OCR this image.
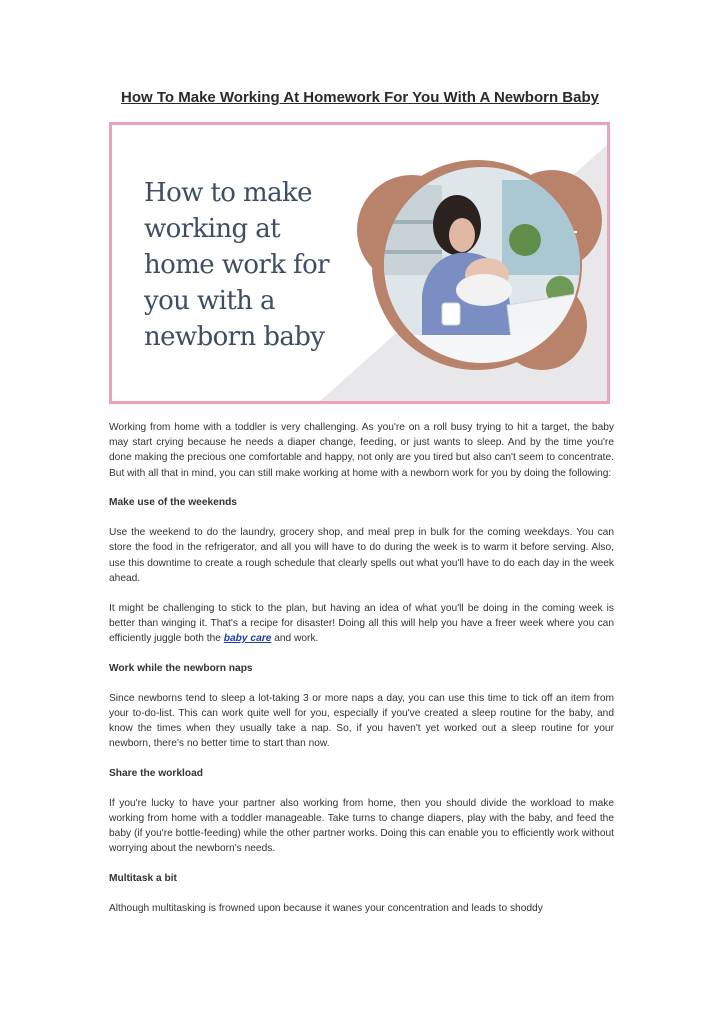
How To Make Working At Homework For You With A Newborn Baby
How to make
working at
home work for
you with a
newborn baby

Working from home with a toddler is very challenging. As you're on a roll busy trying to hit a target, the baby may start crying because he needs a diaper change, feeding, or just wants to sleep. And by the time you're done making the precious one comfortable and happy, not only are you tired but also can't seem to concentrate. But with all that in mind, you can still make working at home with a newborn work for you by doing the following:

Make use of the weekends

Use the weekend to do the laundry, grocery shop, and meal prep in bulk for the coming weekdays. You can store the food in the refrigerator, and all you will have to do during the week is to warm it before serving. Also, use this downtime to create a rough schedule that clearly spells out what you'll have to do each day in the week ahead.

It might be challenging to stick to the plan, but having an idea of what you'll be doing in the coming week is better than winging it. That's a recipe for disaster! Doing all this will help you have a freer week where you can efficiently juggle both the baby care and work.

Work while the newborn naps

Since newborns tend to sleep a lot-taking 3 or more naps a day, you can use this time to tick off an item from your to-do-list. This can work quite well for you, especially if you've created a sleep routine for the baby, and know the times when they usually take a nap. So, if you haven't yet worked out a sleep routine for your newborn, there's no better time to start than now.

Share the workload

If you're lucky to have your partner also working from home, then you should divide the workload to make working from home with a toddler manageable. Take turns to change diapers, play with the baby, and feed the baby (if you're bottle-feeding) while the other partner works. Doing this can enable you to efficiently work without worrying about the newborn's needs.

Multitask a bit

Although multitasking is frowned upon because it wanes your concentration and leads to shoddy
